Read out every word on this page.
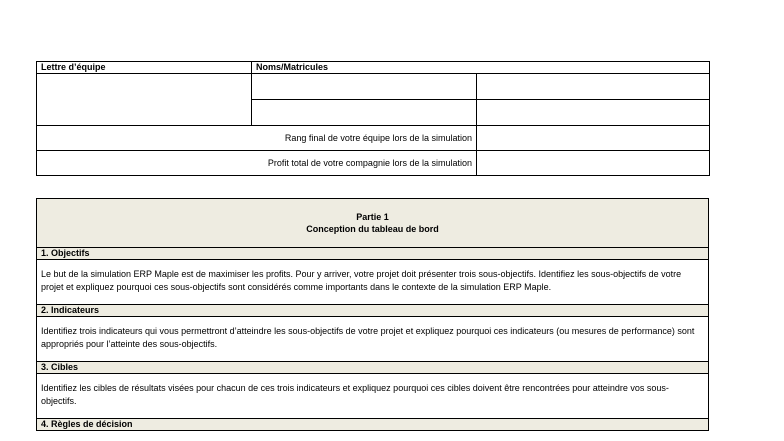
Lettre d’équipe	Noms/Matricules	

Rang final de votre équipe lors de la simulation		
Profit total de votre compagnie lors de la simulation		
Partie 1
Conception du tableau de bord

1. Objectifs
Le but de la simulation ERP Maple est de maximiser les profits. Pour y arriver, votre projet doit présenter trois sous-objectifs. Identifiez les sous-objectifs de votre projet et expliquez pourquoi ces sous-objectifs sont considérés comme importants dans le contexte de la simulation ERP Maple.
2. Indicateurs
Identifiez trois indicateurs qui vous permettront d’atteindre les sous-objectifs de votre projet et expliquez pourquoi ces indicateurs (ou mesures de performance) sont appropriés pour l’atteinte des sous-objectifs.
3. Cibles
Identifiez les cibles de résultats visées pour chacun de ces trois indicateurs et expliquez pourquoi ces cibles doivent être rencontrées pour atteindre vos sous-objectifs.
4. Règles de décision
